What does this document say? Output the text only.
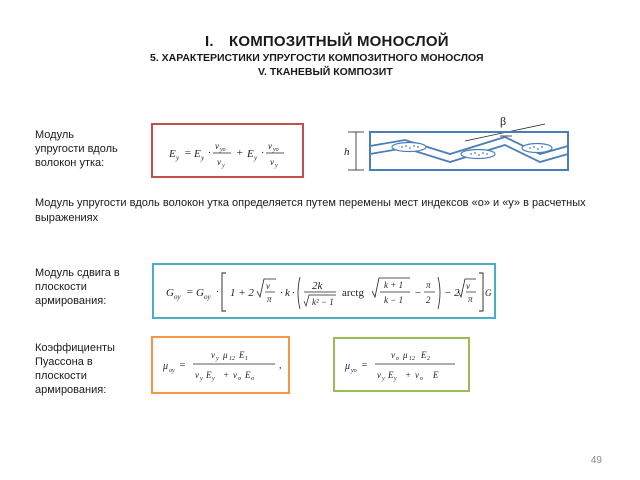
I. КОМПОЗИТНЫЙ МОНОСЛОЙ
5. ХАРАКТЕРИСТИКИ УПРУГОСТИ КОМПОЗИТНОГО МОНОСЛОЯ
V. ТКАНЕВЫЙ КОМПОЗИТ
Модуль
упругости вдоль
волокон утка:
E y = E y ·
ν yo
ν y
+ E y ·
ν yo
ν y
β
h
Модуль упругости вдоль волокон утка определяется путем перемены мест индексов «о» и «у» в расчетных выражениях
Модуль сдвига в
плоскости
армирования:
G oy = G oy · 1 + 2
ν
π · k ·
2k
k² − 1
arctg
k + 1
k − 1
−
π
2
− 2
ν
π
G
Коэффициенты
Пуассона в
плоскости
армирования:
μ oy =
ν y μ 12 E 1
ν y E y + ν o E o
,	μ yo =
ν o μ 12 E 2
ν y E y + ν o E
49
